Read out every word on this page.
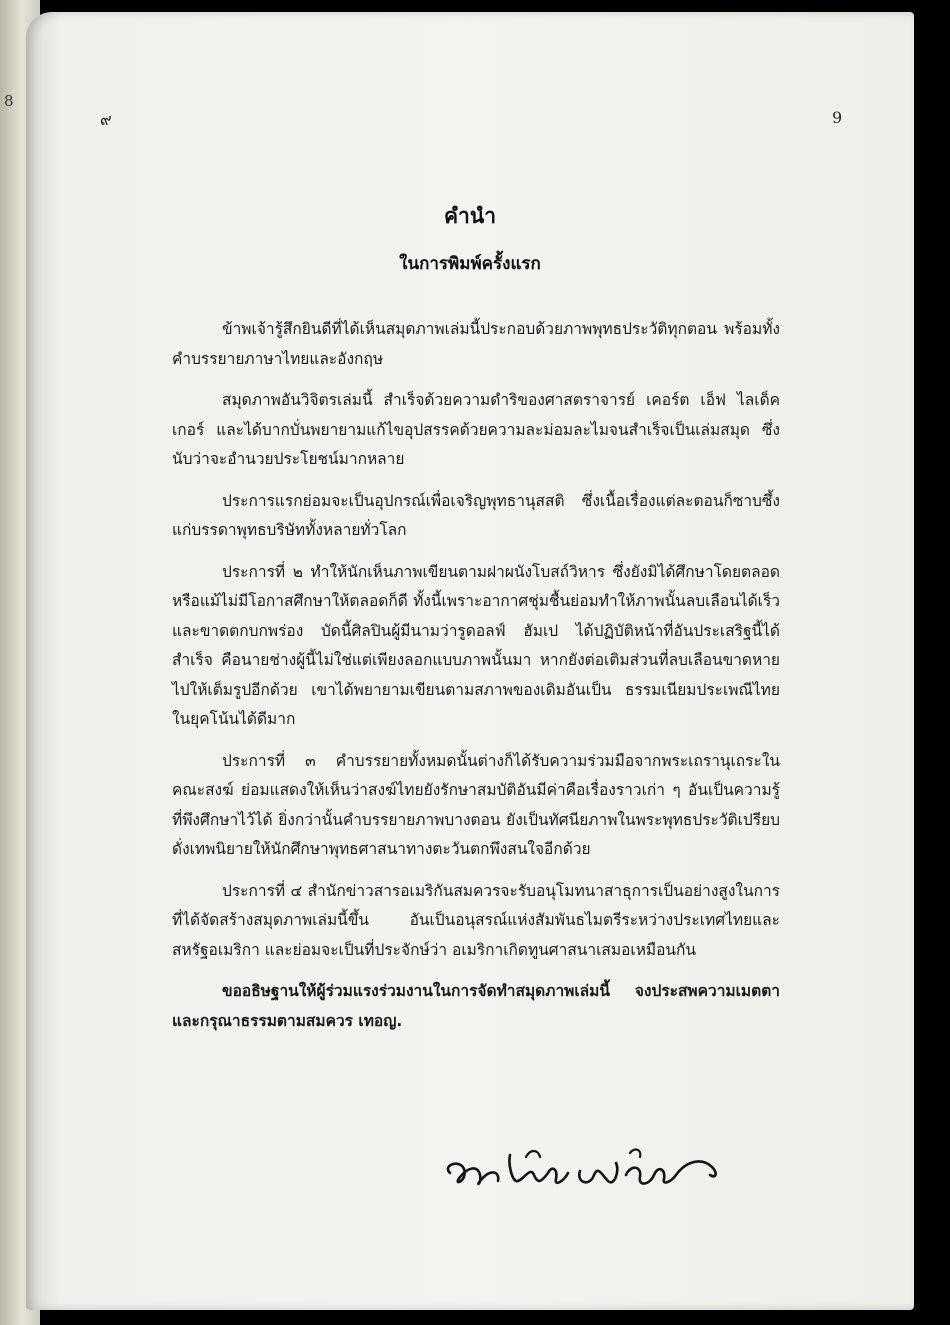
8
๙	9
คำนำ
ในการพิมพ์ครั้งแรก

ข้าพเจ้ารู้สึกยินดีที่ได้เห็นสมุดภาพเล่มนี้ประกอบด้วยภาพพุทธประวัติทุกตอน พร้อมทั้งคำบรรยายภาษาไทยและอังกฤษ

สมุดภาพอันวิจิตรเล่มนี้ สำเร็จด้วยความดำริของศาสตราจารย์ เคอร์ต เอ็ฟ ไลเด็คเกอร์ และได้บากบั่นพยายามแก้ไขอุปสรรคด้วยความละม่อมละไมจนสำเร็จเป็นเล่มสมุด ซึ่งนับว่าจะอำนวยประโยชน์มากหลาย

ประการแรกย่อมจะเป็นอุปกรณ์เพื่อเจริญพุทธานุสสติ ซึ่งเนื้อเรื่องแต่ละตอนก็ซาบซึ้ง แก่บรรดาพุทธบริษัททั้งหลายทั่วโลก

ประการที่ ๒ ทำให้นักเห็นภาพเขียนตามฝาผนังโบสถ์วิหาร ซึ่งยังมิได้ศึกษาโดยตลอดหรือแม้ไม่มีโอกาสศึกษาให้ตลอดก็ดี ทั้งนี้เพราะอากาศชุ่มชื้นย่อมทำให้ภาพนั้นลบเลือนได้เร็วและขาดตกบกพร่อง บัดนี้ศิลปินผู้มีนามว่ารูดอลฟ์ ฮัมเป ได้ปฏิบัติหน้าที่อันประเสริฐนี้ได้สำเร็จ คือนายช่างผู้นี้ไม่ใช่แต่เพียงลอกแบบภาพนั้นมา หากยังต่อเติมส่วนที่ลบเลือนขาดหายไปให้เต็มรูปอีกด้วย เขาได้พยายามเขียนตามสภาพของเดิมอันเป็น ธรรมเนียมประเพณีไทยในยุคโน้นได้ดีมาก

ประการที่ ๓ คำบรรยายทั้งหมดนั้นต่างก็ได้รับความร่วมมือจากพระเถรานุเถระในคณะสงฆ์ ย่อมแสดงให้เห็นว่าสงฆ์ไทยยังรักษาสมบัติอันมีค่าคือเรื่องราวเก่า ๆ อันเป็นความรู้ที่พึงศึกษาไว้ได้ ยิ่งกว่านั้นคำบรรยายภาพบางตอน ยังเป็นทัศนียภาพในพระพุทธประวัติเปรียบดั่งเทพนิยายให้นักศึกษาพุทธศาสนาทางตะวันตกพึงสนใจอีกด้วย

ประการที่ ๔ สำนักข่าวสารอเมริกันสมควรจะรับอนุโมทนาสาธุการเป็นอย่างสูงในการที่ได้จัดสร้างสมุดภาพเล่มนี้ขึ้น อันเป็นอนุสรณ์แห่งสัมพันธไมตรีระหว่างประเทศไทยและสหรัฐอเมริกา และย่อมจะเป็นที่ประจักษ์ว่า อเมริกาเกิดทูนศาสนาเสมอเหมือนกัน

ขออธิษฐานให้ผู้ร่วมแรงร่วมงานในการจัดทำสมุดภาพเล่มนี้ จงประสพความเมตตาและกรุณาธรรมตามสมควร เทอญ.
